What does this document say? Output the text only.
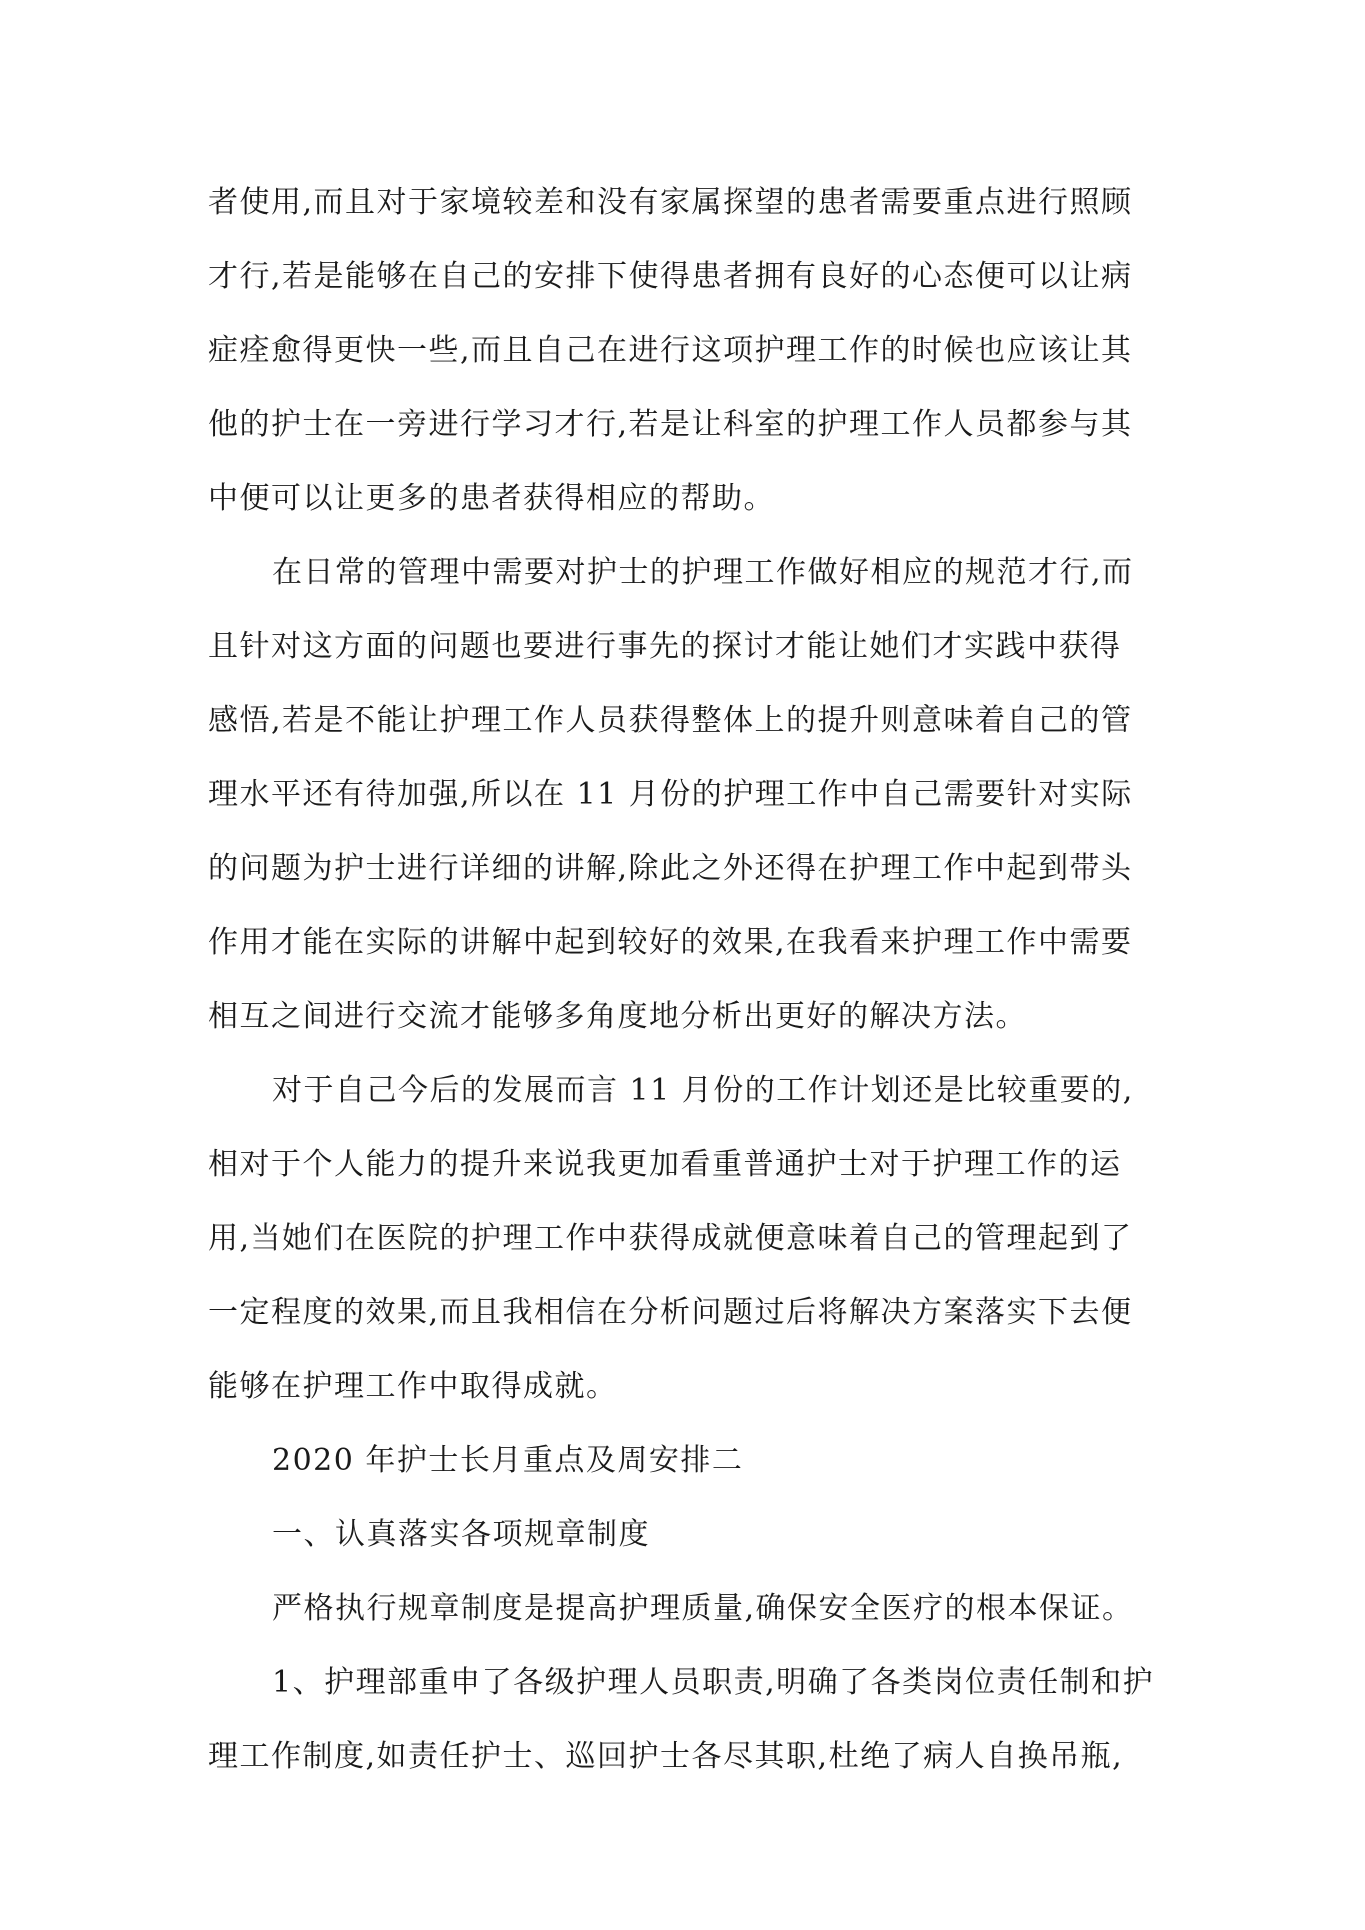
者使用,而且对于家境较差和没有家属探望的患者需要重点进行照顾
才行,若是能够在自己的安排下使得患者拥有良好的心态便可以让病
症痊愈得更快一些,而且自己在进行这项护理工作的时候也应该让其
他的护士在一旁进行学习才行,若是让科室的护理工作人员都参与其
中便可以让更多的患者获得相应的帮助。
在日常的管理中需要对护士的护理工作做好相应的规范才行,而
且针对这方面的问题也要进行事先的探讨才能让她们才实践中获得
感悟,若是不能让护理工作人员获得整体上的提升则意味着自己的管
理水平还有待加强,所以在 11 月份的护理工作中自己需要针对实际
的问题为护士进行详细的讲解,除此之外还得在护理工作中起到带头
作用才能在实际的讲解中起到较好的效果,在我看来护理工作中需要
相互之间进行交流才能够多角度地分析出更好的解决方法。
对于自己今后的发展而言 11 月份的工作计划还是比较重要的,
相对于个人能力的提升来说我更加看重普通护士对于护理工作的运
用,当她们在医院的护理工作中获得成就便意味着自己的管理起到了
一定程度的效果,而且我相信在分析问题过后将解决方案落实下去便
能够在护理工作中取得成就。
2020 年护士长月重点及周安排二
一、认真落实各项规章制度
严格执行规章制度是提高护理质量,确保安全医疗的根本保证。
1、护理部重申了各级护理人员职责,明确了各类岗位责任制和护
理工作制度,如责任护士、巡回护士各尽其职,杜绝了病人自换吊瓶,
